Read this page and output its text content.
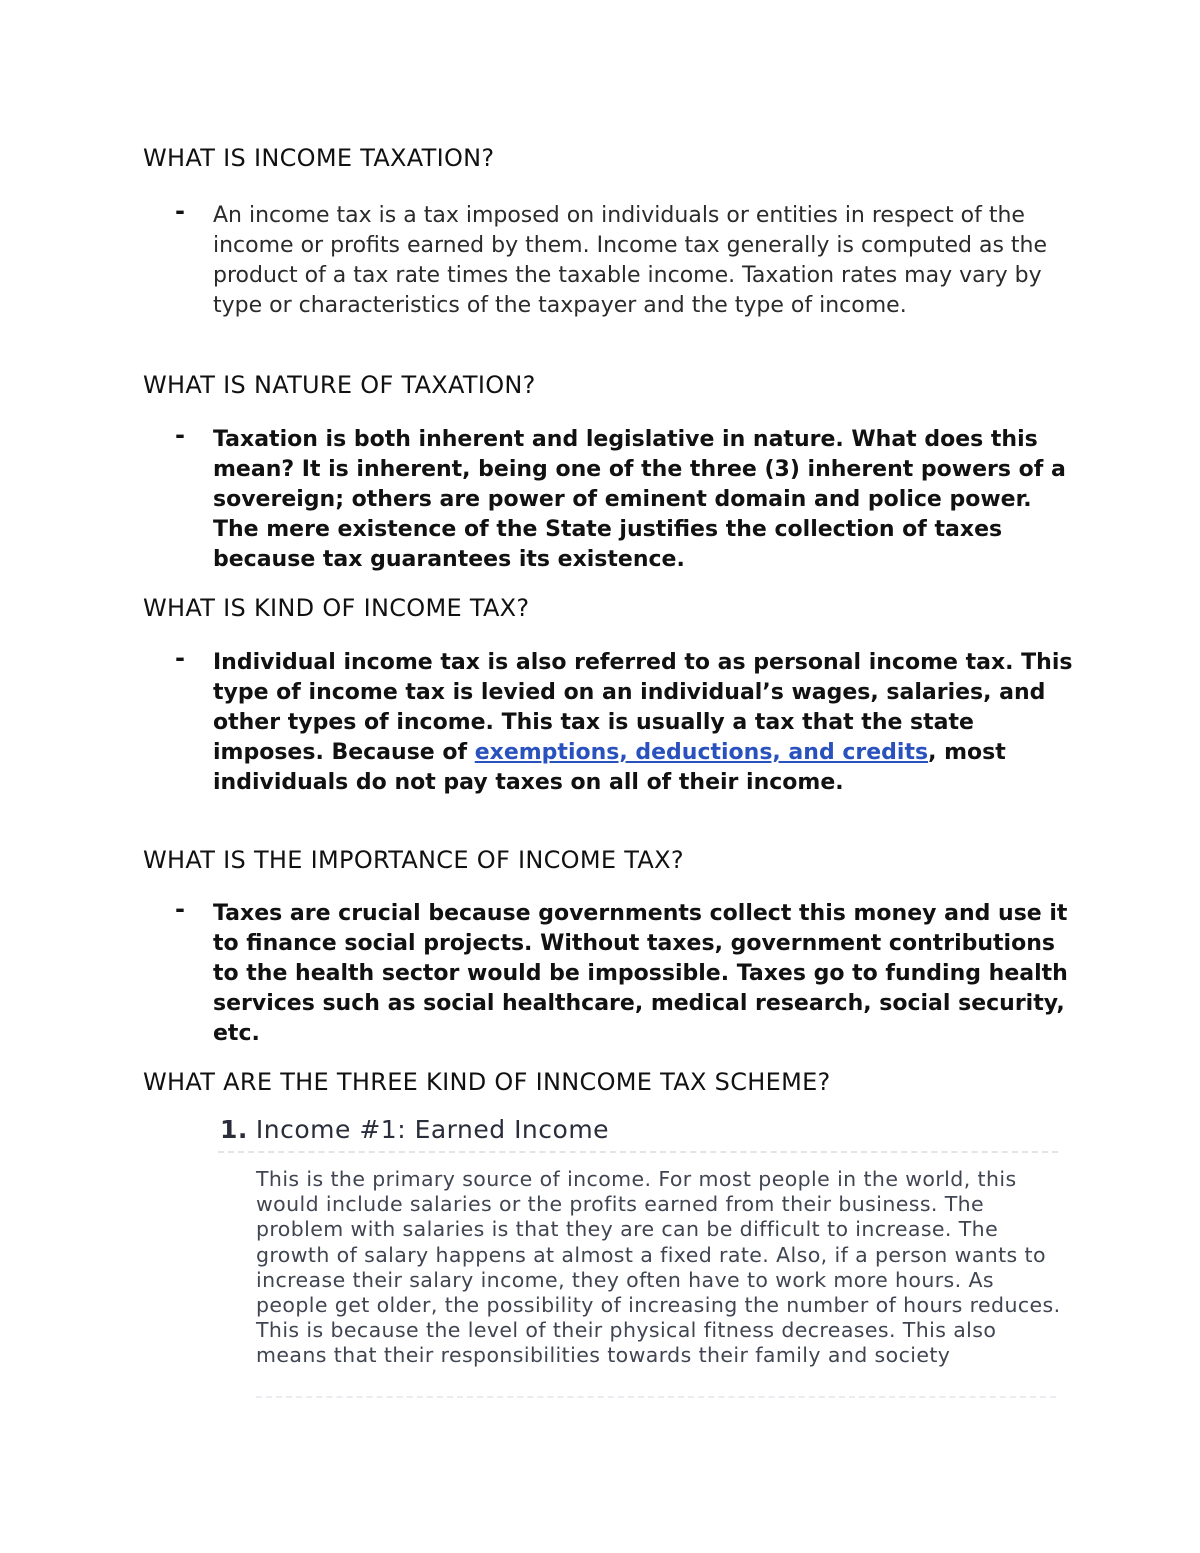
WHAT IS INCOME TAXATION?
- An income tax is a tax imposed on individuals or entities in respect of the income or profits earned by them. Income tax generally is computed as the product of a tax rate times the taxable income. Taxation rates may vary by type or characteristics of the taxpayer and the type of income.
WHAT IS NATURE OF TAXATION?
- Taxation is both inherent and legislative in nature. What does this mean? It is inherent, being one of the three (3) inherent powers of a sovereign; others are power of eminent domain and police power. The mere existence of the State justifies the collection of taxes because tax guarantees its existence.
WHAT IS KIND OF INCOME TAX?
- Individual income tax is also referred to as personal income tax. This type of income tax is levied on an individual’s wages, salaries, and other types of income. This tax is usually a tax that the state imposes. Because of exemptions, deductions, and credits, most individuals do not pay taxes on all of their income.
WHAT IS THE IMPORTANCE OF INCOME TAX?
- Taxes are crucial because governments collect this money and use it to finance social projects. Without taxes, government contributions to the health sector would be impossible. Taxes go to funding health services such as social healthcare, medical research, social security, etc.
WHAT ARE THE THREE KIND OF INNCOME TAX SCHEME?
1. Income #1: Earned Income
This is the primary source of income. For most people in the world, this would include salaries or the profits earned from their business. The problem with salaries is that they are can be difficult to increase. The growth of salary happens at almost a fixed rate. Also, if a person wants to increase their salary income, they often have to work more hours. As people get older, the possibility of increasing the number of hours reduces. This is because the level of their physical fitness decreases. This also means that their responsibilities towards their family and society
